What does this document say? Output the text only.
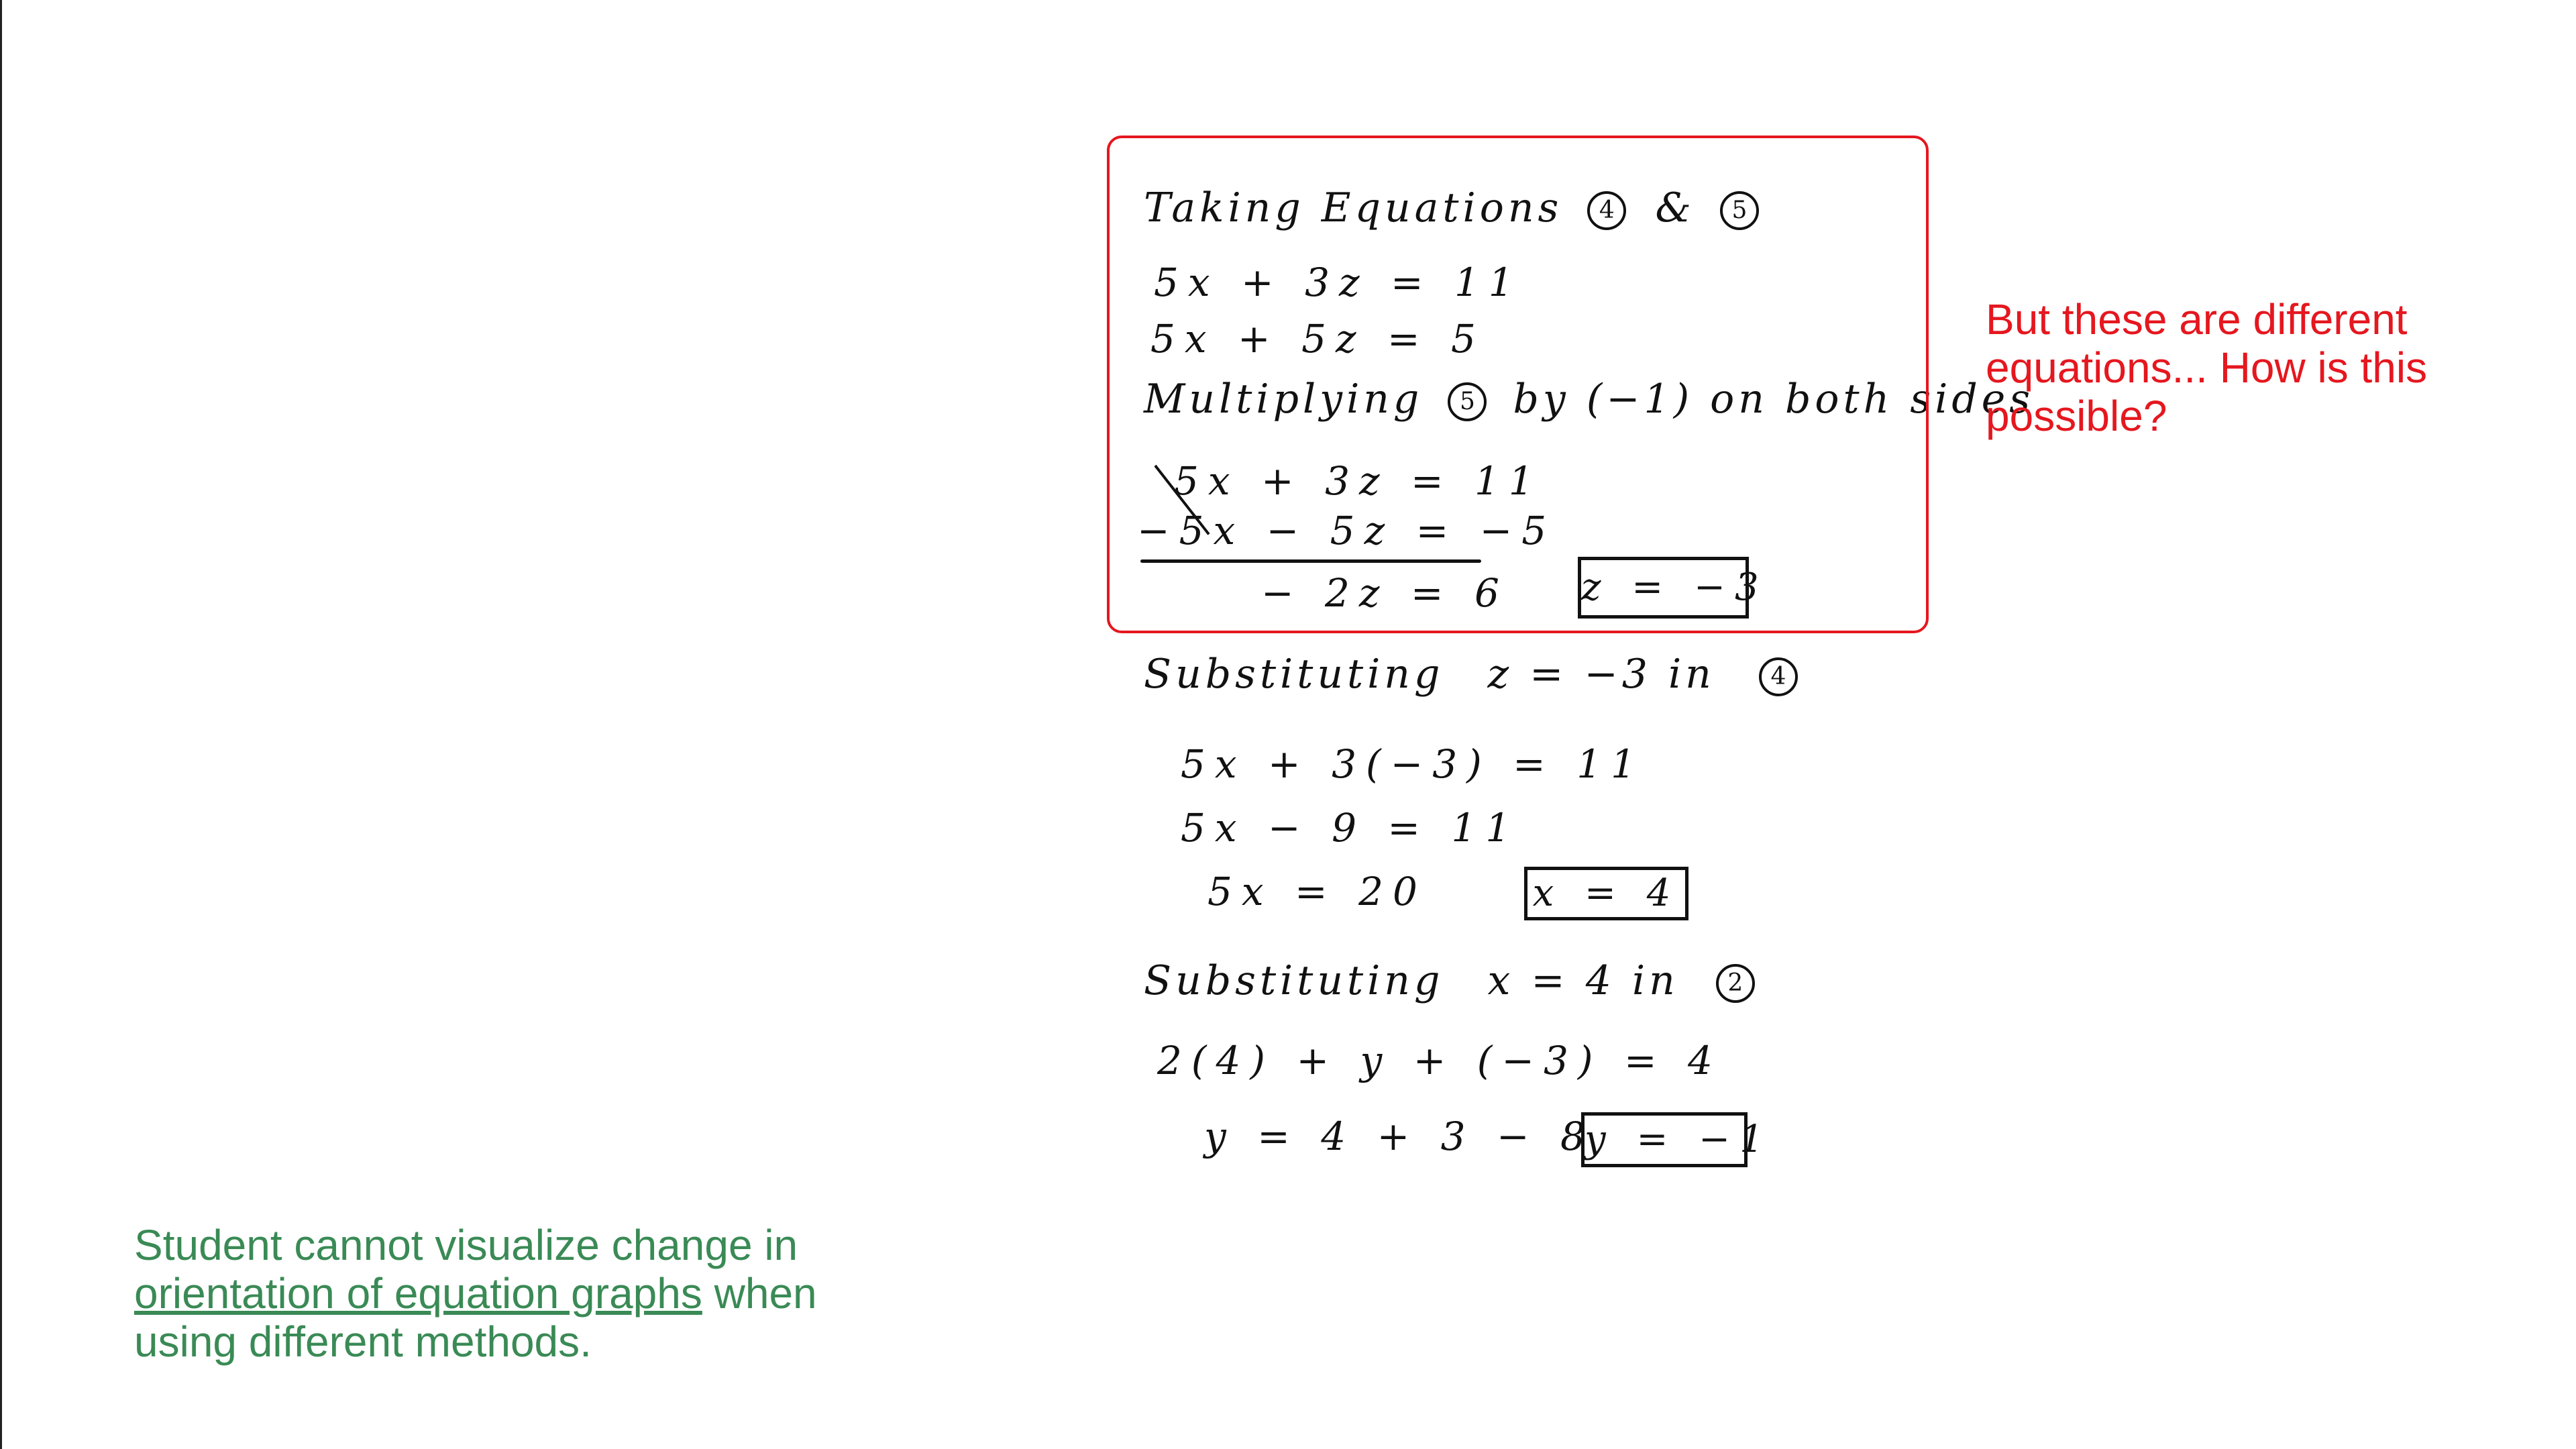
Taking Equations 4 & 5
5x + 3z = 11
5x + 5z = 5
Multiplying 5 by (−1) on both sides
5x + 3z = 11
−5x − 5z = −5
− 2z = 6 z = −3
Substituting z = −3 in 4
5x + 3(−3) = 11
5x − 9 = 11
5x = 20	x = 4
Substituting x = 4 in 2
2(4) + y + (−3) = 4
y = 4 + 3 − 8
y = −1
But these are different equations... How is this possible?
Student cannot visualize change in orientation of equation graphs when using different methods.
